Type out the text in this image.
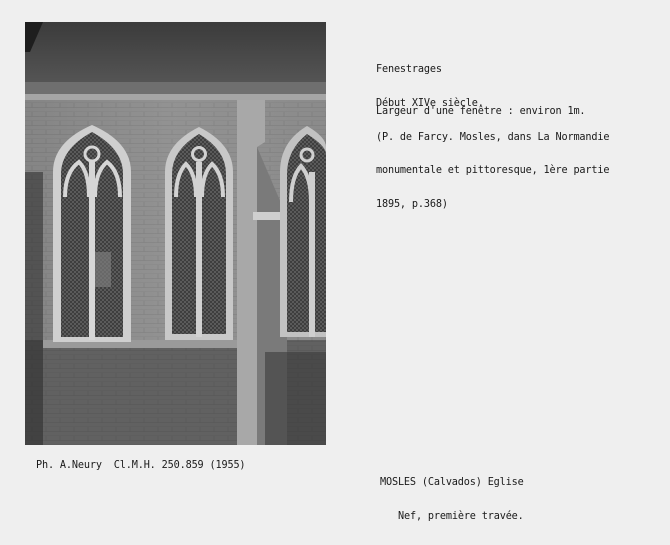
Fenestrages

Début XIVe siècle.

(P. de Farcy. Mosles, dans La Normandie

monumentale et pittoresque, 1ère partie

1895, p.368)

Largeur d'une fenêtre : environ 1m.
Ph. A.Neury  Cl.M.H. 250.859 (1955)

MOSLES (Calvados) Eglise

Nef, première travée.
